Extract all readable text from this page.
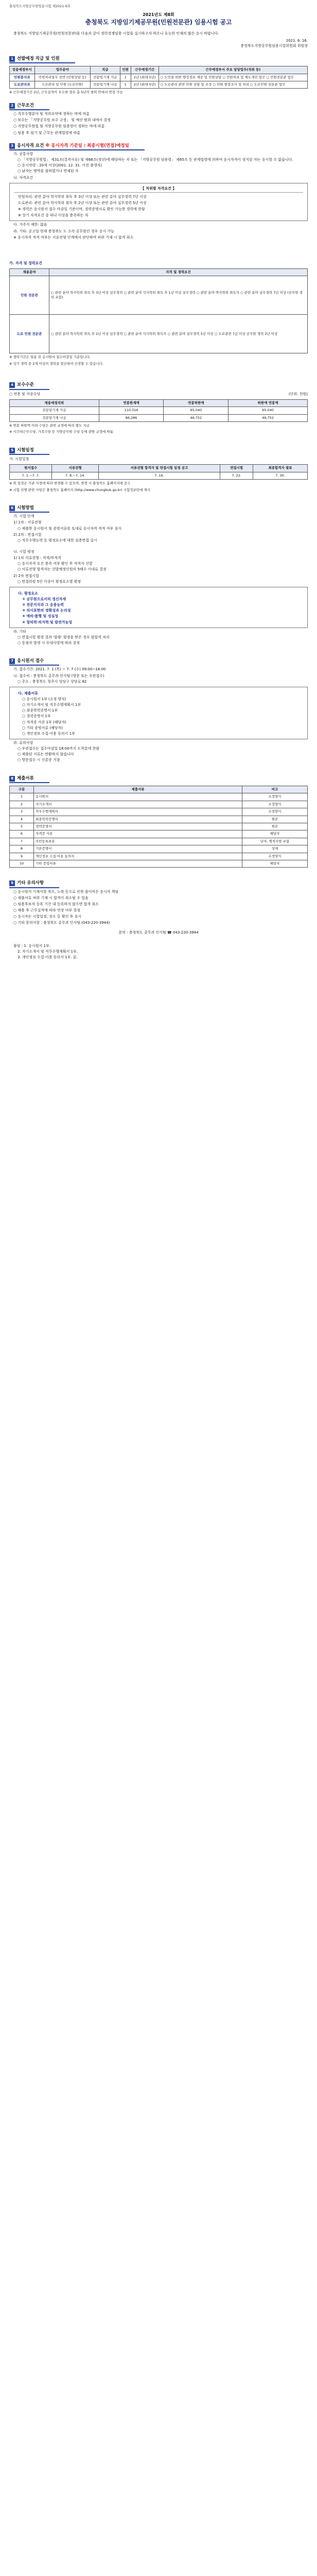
충청북도지방공무원임용시험 제2021-9호
2021년도 제8회
충청북도 지방임기제공무원(민원전문관) 임용시험 공고
충청북도 지방임기제공무원(민원전문관)을 다음과 같이 경력경쟁임용 시험을 실시하고자 하오니 유능한 인재의 많은 응시 바랍니다.
2021. 6. 16.
충청북도지방공무원임용시험위원회 위원장
1 선발예정 직급 및 인원
임용예정부서	업무분야	직급	인원	근무예정기간	근무예정부서 주요 담당업무(직위 등)
민원봉사과	민원처리업무 전반 (민원상담 등)	전문임기제 가급	1	2년 (최대 5년)	○ 도민을 위한 행정정보 제공 및 민원상담 ○ 민원처리 및 제도개선 업무 ○ 민원전문관 업무
도로관리과	도로관리 및 민원 (도로민원)	전문임기제 나급	1	2년 (최대 5년)	○ 도로관리 관련 민원 상담 및 조정 ○ 민원 현장조사 및 처리 ○ 도로민원 전문관 업무
※ 근무예정기간 2년, 근무실적이 우수한 경우 총 5년의 범위 안에서 연장 가능
2 근무조건
○ 직무수행분야 및 직위요약에 정하는 바에 따름
○ 보수는 「지방공무원 보수 규정」 및 예산 범위 내에서 결정
○ 지방공무원법 및 지방공무원 임용령이 정하는 바에 따름
○ 임용 후 임기 및 근무는 관계법령에 따름
3 응시자격 요건 ※ 응시자격 기준일 : 최종시험(면접)예정일
가. 공통사항
○ 「지방공무원법」 제31조(결격사유) 및 제66조(정년)에 해당하는 자 또는 「지방공무원 임용령」 제65조 등 관계법령에 의하여 응시자격이 정지된 자는 응시할 수 없습니다.
○ 응시연령 : 20세 이상(2001. 12. 31. 이전 출생자)
○ 남자는 병역을 필하였거나 면제된 자
나. 자격요건
【 직위별 자격요건 】
민원처리: 관련 분야 학사학위 취득 후 3년 이상 또는 관련 분야 실무경력 7년 이상
도로관리: 관련 분야 학사학위 취득 후 2년 이상 또는 관련 분야 실무경력 5년 이상
※ 경력은 응시원서 접수 마감일 기준이며, 경력증명서로 확인 가능한 경력에 한함
※ 상기 자격요건 중 하나 이상을 충족하는 자
다. 거주지 제한: 없음
라. 기타: 공고일 현재 충청북도 도 소속 공무원인 경우 응시 가능
※ 응시자격 적격 여부는 서류전형 단계에서 판단하며 허위 기재 시 합격 취소
가. 자격 및 경력요건
채용분야	자격 및 경력요건
민원 전문관	○ 관련 분야 학사학위 취득 후 3년 이상 실무경력 ○ 관련 분야 석사학위 취득 후 1년 이상 실무경력 ○ 관련 분야 박사학위 취득자 ○ 관련 분야 실무경력 7년 이상 (공무원 경력 포함)
도로 민원 전문관	○ 관련 분야 학사학위 취득 후 2년 이상 실무경력 ○ 관련 분야 석사학위 취득자 ○ 관련 분야 실무경력 5년 이상 ○ 도로관련 7급 이상 공무원 경력 2년 이상
※ 경력기간은 임용 전 응시원서 접수마감일 기준입니다.
※ 상기 경력 중 2개 이상의 경력을 합산하여 산정할 수 있습니다.
4 보수수준
○ 연봉 및 각종수당	(단위: 천원)
채용예정직위	연봉한계액	연봉하한액	하한액 연봉액
전문임기제 가급	110,316	65,040	65,040
전문임기제 나급	86,286	49,752	49,752
※ 연봉 하한액 이외 수당은 관련 규정에 따라 별도 지급
※ 시간외근무수당, 가족수당 등 지방공무원 수당 등에 관한 규정에 따름
5 시험일정
가. 시험일정
원서접수	서류전형	서류전형 합격자 및 면접시험 일정 공고	면접시험	최종합격자 발표
7. 1.~7. 7.	7. 8.~7. 14.	7. 16.	7. 22.	7. 30.
※ 위 일정은 기관 사정에 따라 변경될 수 있으며, 변경 시 충청북도 홈페이지에 공고
※ 시험 진행 관련 사항은 충청북도 홈페이지 (http://www.chungbuk.go.kr) 시험정보란에 게시
6 시험방법
가. 시험 단계
1) 1차 : 서류전형
○ 제출한 응시원서 및 증빙서류를 토대로 응시자격 적격 여부 심사
2) 2차 : 면접시험
○ 직무수행능력 등 평정요소에 대한 심층면접 실시
나. 시험 평정
1) 1차 서류전형 : 적격/부적격
○ 응시자격 요건 충족 여부 확인 후 적격자 선발
○ 서류전형 합격자는 선발예정인원의 5배수 이내로 결정
2) 2차 면접시험
○ 면접위원 5인 이상이 평정요소별 평정
다. 평정요소
① 공무원으로서의 정신자세
② 전문지식과 그 응용능력
③ 의사표현의 정확성과 논리성
④ 예의·품행 및 성실성
⑤ 창의력·의지력 및 발전가능성
라. 기타
○ 면접시험 평정 결과 '불량' 평정을 받은 경우 불합격 처리
○ 동점자 발생 시 우대사항에 따라 결정
7 응시원서 접수
가. 접수기간: 2021. 7. 1.(목) ~ 7. 7.(수) 09:00~18:00
나. 접수처 : 충청북도 총무과 인사팀 (방문 또는 우편접수)
○ 주소 : 충청북도 청주시 상당구 상당로 82
다. 제출서류
○ 응시원서 1부 (소정 양식)
○ 자기소개서 및 직무수행계획서 1부
○ 최종학력증명서 1부
○ 경력증명서 1부
○ 자격증 사본 1부 (해당자)
○ 기타 증빙서류 (해당자)
○ 개인정보 수집·이용 동의서 1부
라. 유의사항
○ 우편접수는 접수마감일 18:00까지 도착분에 한함
○ 제출된 서류는 반환하지 않습니다
○ 방문접수 시 신분증 지참
8 제출서류
구분	제출서류	비고
1	응시원서	소정양식
2	자기소개서	소정양식
3	직무수행계획서	소정양식
4	최종학력증명서	원본
5	경력증명서	원본
6	자격증 사본	해당자
7	주민등록초본	남자, 병적사항 포함
8	기본증명서	상세
9	개인정보 수집·이용 동의서	소정양식
10	기타 증빙서류	해당자
9 기타 유의사항
○ 응시원서 기재사항 착오, 누락 등으로 인한 불이익은 응시자 책임
○ 제출서류 허위 기재 시 합격이 취소될 수 있음
○ 임용후보자 등록 기간 내 등록하지 않으면 합격 취소
○ 채용 후 근무실적에 따라 연장 여부 결정
○ 응시자는 시험일정, 장소 등 확인 후 응시
○ 기타 문의사항 : 충청북도 총무과 인사팀 (043-220-3944)
문의 : 충청북도 총무과 인사팀 ☎ 043-220-3944
붙임 : 1. 응시원서 1부.
2. 자기소개서 및 직무수행계획서 1부.
3. 개인정보 수집·이용 동의서 1부. 끝.
